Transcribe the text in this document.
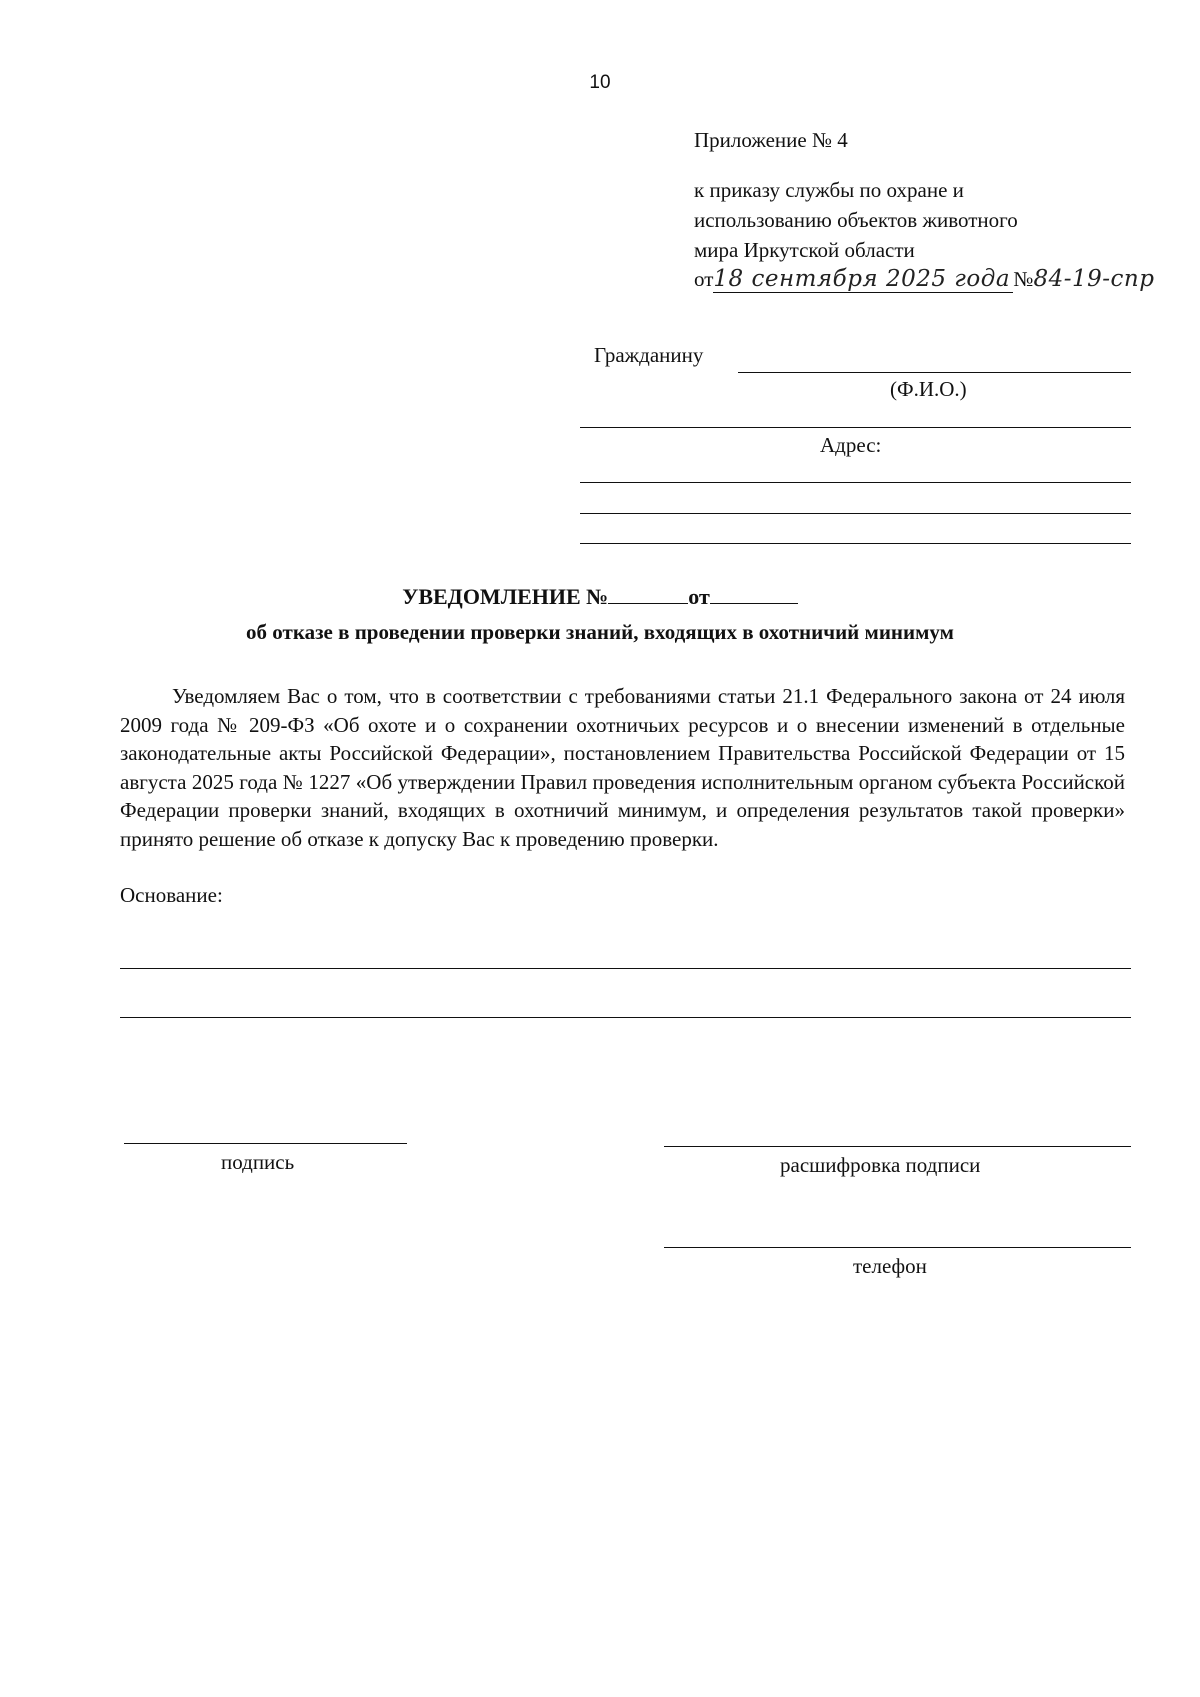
10
Приложение № 4
к приказу службы по охране и
использованию объектов животного
мира Иркутской области
от18 сентября 2025 года №84-19-спр
Гражданину
(Ф.И.О.)
Адрес:
УВЕДОМЛЕНИЕ №	от
об отказе в проведении проверки знаний, входящих в охотничий минимум

Уведомляем Вас о том, что в соответствии с требованиями статьи 21.1 Федерального закона от 24 июля 2009 года № 209-ФЗ «Об охоте и о сохранении охотничьих ресурсов и о внесении изменений в отдельные законодательные акты Российской Федерации», постановлением Правительства Российской Федерации от 15 августа 2025 года № 1227 «Об утверждении Правил проведения исполнительным органом субъекта Российской Федерации проверки знаний, входящих в охотничий минимум, и определения результатов такой проверки» принято решение об отказе к допуску Вас к проведению проверки.

Основание:
подпись	расшифровка подписи
телефон
